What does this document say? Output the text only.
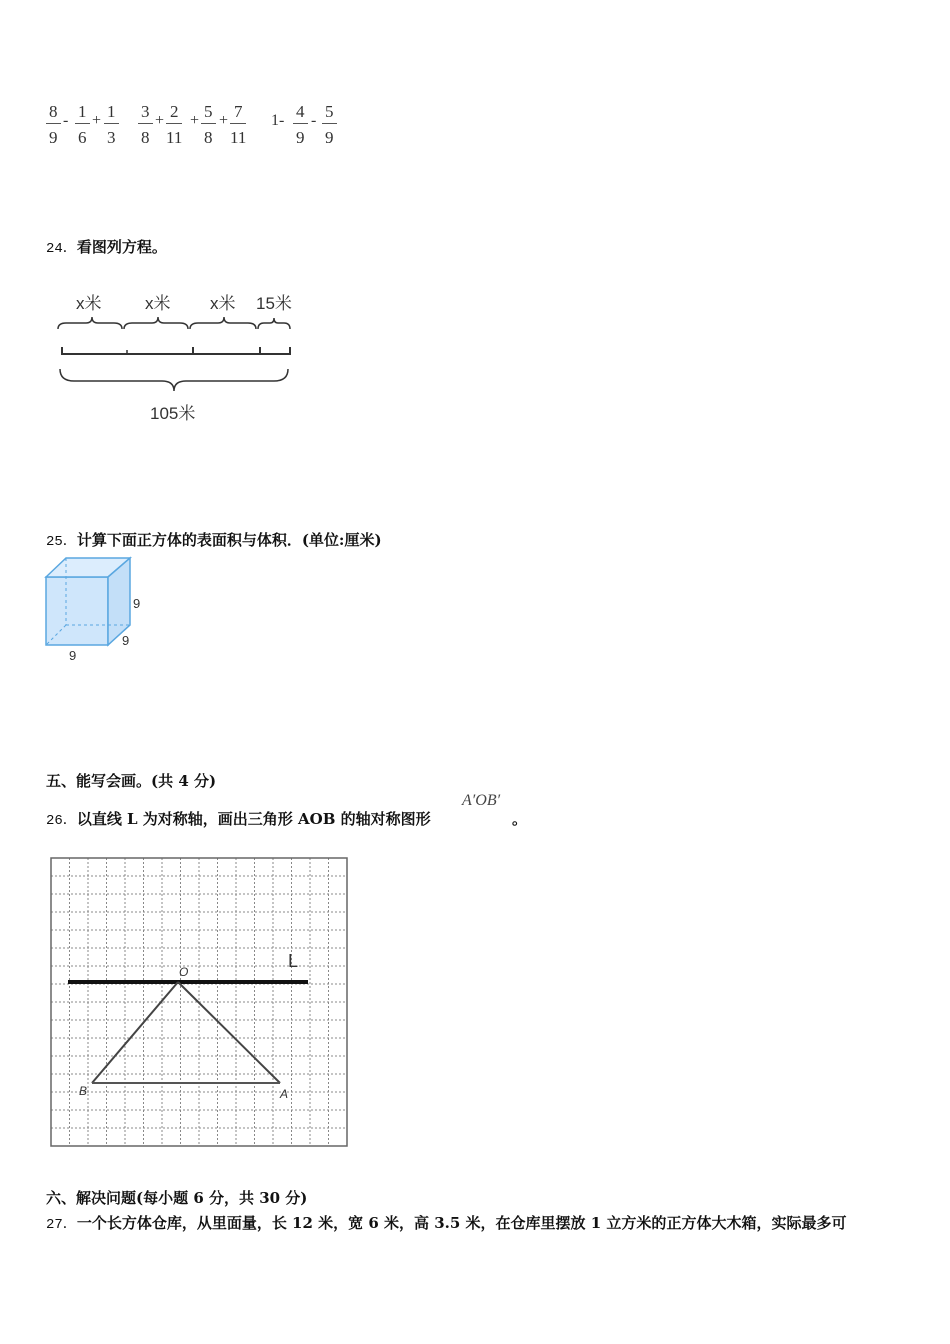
8
9
- 1
6
+ 1
3
3
8
+ 2
11
+ 5
8
+ 7
11
1- 4
9
- 5
9
24．看图列方程。
x米	x米 x米 15米
105米
25．计算下面正方体的表面积与体积．(单位:厘米)
9
9
9
五、能写会画。(共 4 分)
26．以直线 L 为对称轴，画出三角形 AOB 的轴对称图形
A′OB′
。
L
O
B	A
六、解决问题(每小题 6 分，共 30 分)
27．一个长方体仓库，从里面量，长 12 米，宽 6 米，高 3.5 米，在仓库里摆放 1 立方米的正方体大木箱，实际最多可
